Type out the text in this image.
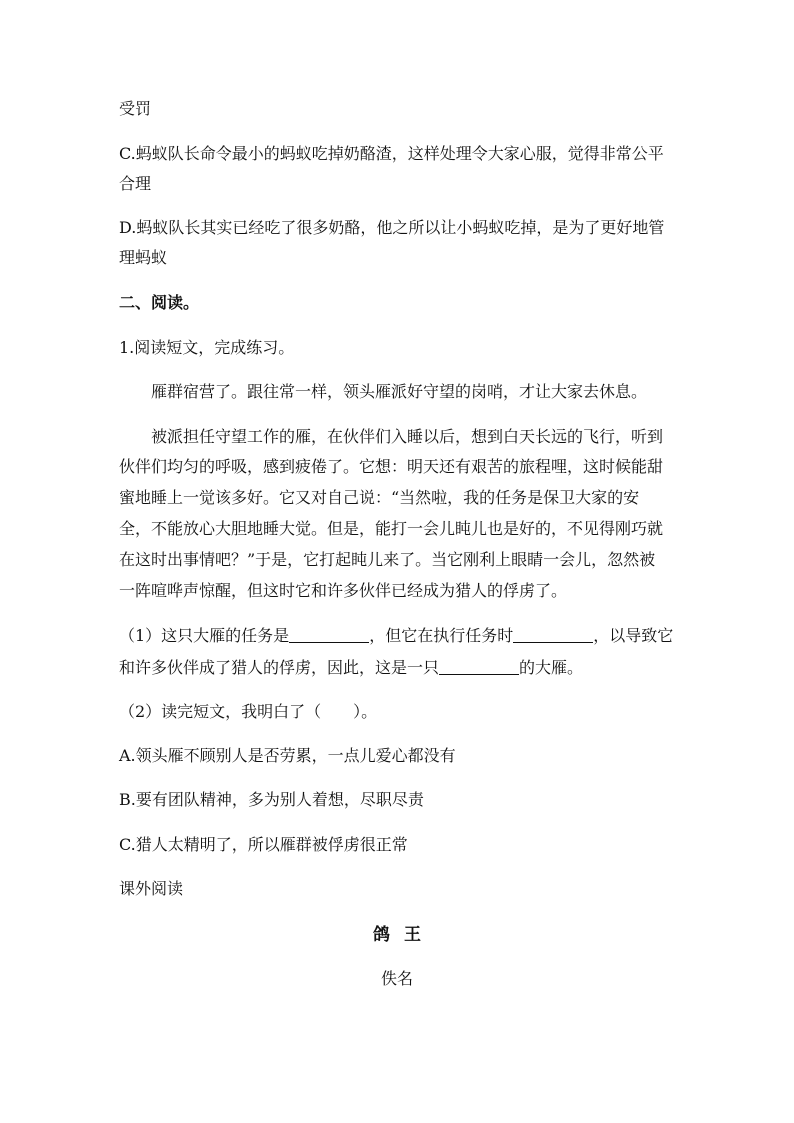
受罚

C.蚂蚁队长命令最小的蚂蚁吃掉奶酪渣，这样处理令大家心服，觉得非常公平

合理

D.蚂蚁队长其实已经吃了很多奶酪，他之所以让小蚂蚁吃掉，是为了更好地管

理蚂蚁

二、阅读。

1.阅读短文，完成练习。

雁群宿营了。跟往常一样，领头雁派好守望的岗哨，才让大家去休息。

被派担任守望工作的雁，在伙伴们入睡以后，想到白天长远的飞行，听到

伙伴们均匀的呼吸，感到疲倦了。它想：明天还有艰苦的旅程哩，这时候能甜

蜜地睡上一觉该多好。它又对自己说：“当然啦，我的任务是保卫大家的安

全，不能放心大胆地睡大觉。但是，能打一会儿盹儿也是好的，不见得刚巧就

在这时出事情吧？”于是，它打起盹儿来了。当它刚利上眼睛一会儿，忽然被

一阵喧哗声惊醒，但这时它和许多伙伴已经成为猎人的俘虏了。

（1）这只大雁的任务是	，但它在执行任务时	，以导致它

和许多伙伴成了猎人的俘虏，因此，这是一只	的大雁。

（2）读完短文，我明白了（　　）。

A.领头雁不顾别人是否劳累，一点儿爱心都没有

B.要有团队精神，多为别人着想，尽职尽责

C.猎人太精明了，所以雁群被俘虏很正常

课外阅读

鸽王

佚名
